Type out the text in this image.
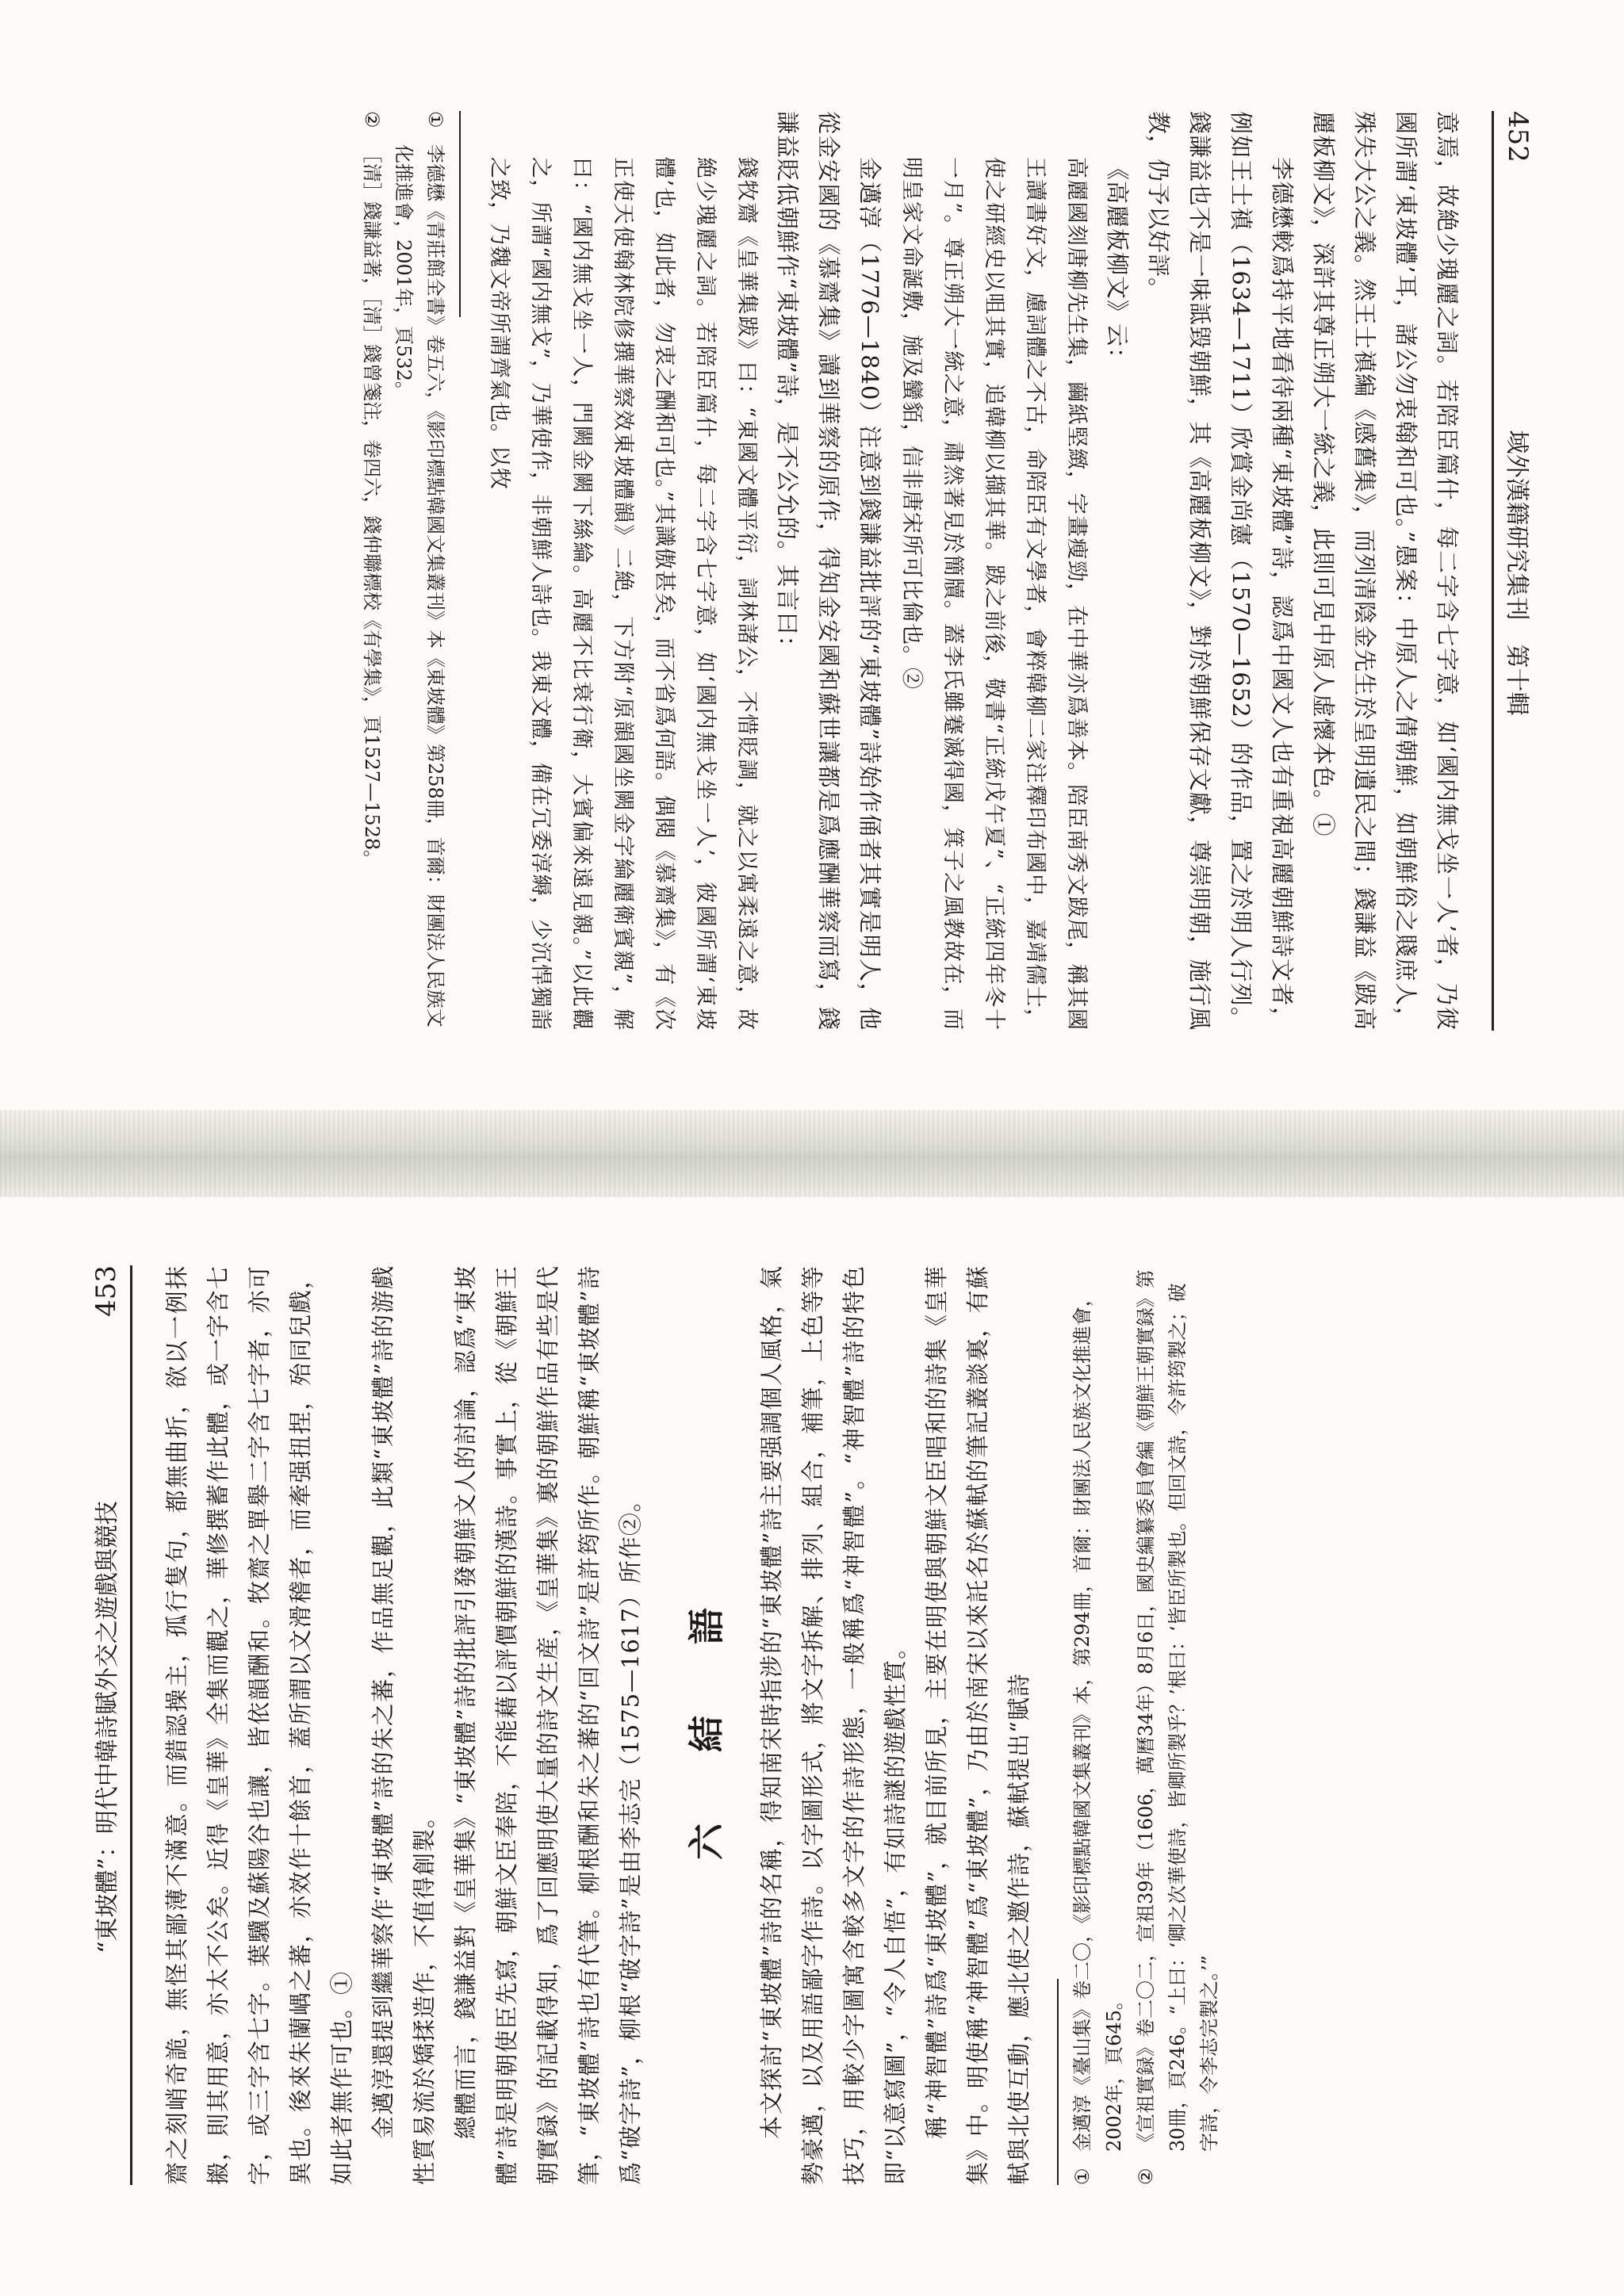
452
域外漢籍研究集刊　第十輯

意焉，故絶少瑰麗之詞。若陪臣篇什，每二字含七字意，如‘國内無戈坐一人’者，乃彼國所謂‘東坡體’耳，諸公勿衷翰和可也。”愚案：中原人之倩朝鮮，如朝鮮俗之賤庶人，殊失大公之義。然王士禛編《感舊集》，而列清陰金先生於皇明遺民之間；錢謙益《跋高麗板柳文》，深許其尊正朔大一統之義，此則可見中原人虚懷本色。①

李德懋較爲持平地看待兩種“東坡體”詩，認爲中國文人也有重視高麗朝鮮詩文者，例如王士禛（1634—1711）欣賞金尚憲（1570—1652）的作品，置之於明人行列。錢謙益也不是一味詆毀朝鮮，其《高麗板柳文》，對於朝鮮保存文獻，尊崇明朝，施行風教，仍予以好評。

《高麗板柳文》云：

高麗國刻唐柳先生集，繭紙堅緻，字畫瘦勁，在中華亦爲善本。陪臣南秀文跋尾，稱其國王讀書好文，慮詞體之不古，命陪臣有文學者，會粹韓柳二家注釋印布國中，嘉靖儒士，使之研經史以咀其實，追韓柳以擷其華。跋之前後，敬書“正統戊午夏”、“正統四年冬十一月”。尊正朔大一統之意，肅然著見於簡牘。蓋李氏雖蹇滅得國，箕子之風教故在，而明皇家文命誕敷，施及蠻貊，信非唐宋所可比倫也。②

金邁淳（1776—1840）注意到錢謙益批評的“東坡體”詩始作俑者其實是明人，他從金安國的《慕齋集》讀到華察的原作，得知金安國和蘇世讓都是爲應酬華察而寫，錢謙益貶低朝鮮作“東坡體”詩，是不公允的。其言曰：

錢牧齋《皇華集跋》曰：“東國文體平衍，詞林諸公，不惜貶調，就之以寓柔遠之意，故絶少瑰麗之詞。若陪臣篇什，每二字含七字意，如‘國内無戈坐一人’，彼國所謂‘東坡體’也，如此者，勿衷之酬和可也。”其識傲甚矣，而不省爲何語。偶閱《慕齋集》，有《次正使天使翰林院修撰華察效東坡體韻》二絶，下方附“原韻國坐闕金字綸麗衛賓親”，解曰：“國内無戈坐一人，門闕金闕下絲綸。高麗不比衰行衛，大賓偏來遠見親。”以此觀之，所謂“國内無戈”，乃華使作，非朝鮮人詩也。我東文體，備在冗委淳縟，少沉悍獨詣之致，乃魏文帝所謂齊氣也。以牧

①
李德懋《青莊館全書》卷五六，《影印標點韓國文集叢刊》本《東坡體》第258冊，首爾：財團法人民族文化推進會，2001年，頁532。

②
［清］錢謙益著，［清］錢曾箋注，卷四六，錢仲聯標校《有學集》，頁1527—1528。

“東坡體”：明代中韓詩賦外交之遊戲與競技
453	齋之刻峭奇詭，無怪其鄙薄不滿意。而錯認操主，孤行隻句，都無曲折，欲以一例抹摋，則其用意，亦太不公矣。近得《皇華》全集而觀之，華修撰蓄作此體，或一字含七字，或三字含七字。葉驥及蘇陽谷也讓，皆依韻酬和。牧齋之單舉二字含七字者，亦可異也。後來朱蘭嵎之蕃，亦效作十餘首，蓋所謂以文滑稽者，而牽强扭捏，殆同兒戲，如此者無作可也。① 金邁淳還提到繼華察作“東坡體”詩的朱之蕃，作品無足觀，此類“東坡體”詩的游戲性質易流於矯揉造作，不值得創製。 總體而言，錢謙益對《皇華集》“東坡體”詩的批評引發朝鮮文人的討論，認爲“東坡體”詩是明朝使臣先寫，朝鮮文臣奉陪，不能藉以評價朝鮮的漢詩。事實上，從《朝鮮王朝實録》的記載得知，爲了回應明使大量的詩文生産，《皇華集》裏的朝鮮作品有些是代筆，“東坡體”詩也有代筆。柳根酬和朱之蕃的“回文詩”是許筠所作。朝鮮稱“東坡體”詩爲“破字詩”，柳根“破字詩”是由李志完（1575—1617）所作②。 六　結　語	本文探討“東坡體”詩的名稱，得知南宋時指涉的“東坡體”詩主要强調個人風格，氣勢豪邁，以及用語鄙字作詩。以字圖形式，將文字拆解、排列、組合，補筆，上色等等技巧，用較少字圖寓含較多文字的作詩形態，一般稱爲“神智體”。“神智體”詩的特色即“以意寫圖”，“令人自悟”，有如詩謎的遊戲性質。 稱“神智體”詩爲“東坡體”，就目前所見，主要在明使與朝鮮文臣唱和的詩集《皇華集》中。明使稱“神智體”爲“東坡體”，乃由於南宋以來託名於蘇軾的筆記叢談裏，有蘇軾與北使互動，應北使之邀作詩，蘇軾提出“賦詩	①
金邁淳《臺山集》卷二〇，《影印標點韓國文集叢刊》本，第294冊，首爾：財團法人民族文化推進會，2002年，頁645。

②
《宣祖實録》卷二〇二，宣祖39年（1606，萬曆34年）8月6日，國史編纂委員會編《朝鮮王朝實録》第30冊，頁246。“上曰：‘卿之次華使詩，皆卿所製乎？’根曰：‘皆臣所製也。但回文詩，令許筠製之；破字詩，令李志完製之。’”
